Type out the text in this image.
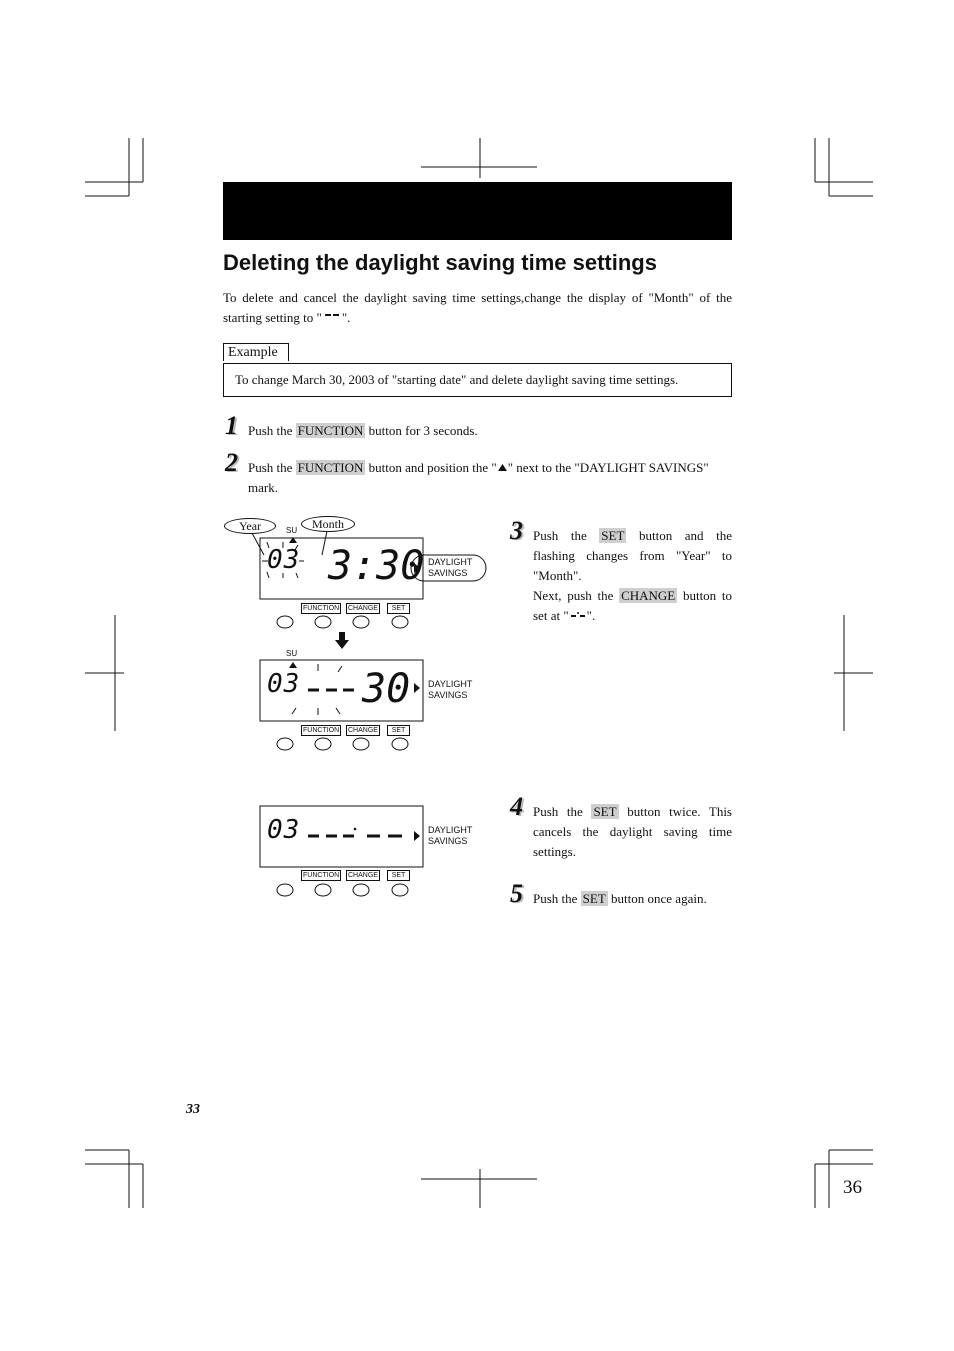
Deleting the daylight saving time settings
To delete and cancel the daylight saving time settings,change the display of "Month" of the
starting setting to " ".
Example
To change March 30, 2003 of "starting date" and delete daylight saving time settings.
1 Push the FUNCTION button for 3 seconds.
2 Push the FUNCTION button and position the " " next to the "DAYLIGHT SAVINGS"
mark.
Year	Month
SU
03 3:30 DAYLIGHT
SAVINGS
FUNCTION CHANGE	SET
SU
03 30 DAYLIGHT
SAVINGS
FUNCTION CHANGE	SET
03	DAYLIGHT
SAVINGS
FUNCTION CHANGE	SET
3 Push the SET button and the
flashing changes from "Year" to
"Month".
Next, push the CHANGE button to
set at " ".
4 Push the SET button twice. This
cancels the daylight saving time
settings.
5 Push the SET button once again.
33
36
